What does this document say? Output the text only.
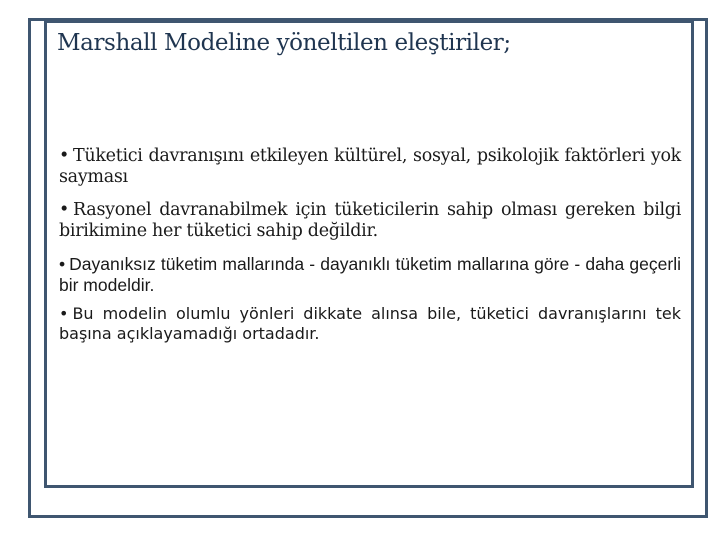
Marshall Modeline yöneltilen eleştiriler;
• Tüketici davranışını etkileyen kültürel, sosyal, psikolojik faktörleri yok sayması
• Rasyonel davranabilmek için tüketicilerin sahip olması gereken bilgi birikimine her tüketici sahip değildir.
• Dayanıksız tüketim mallarında - dayanıklı tüketim mallarına göre - daha geçerli bir modeldir.
• Bu modelin olumlu yönleri dikkate alınsa bile, tüketici davranışlarını tek başına açıklayamadığı ortadadır.
